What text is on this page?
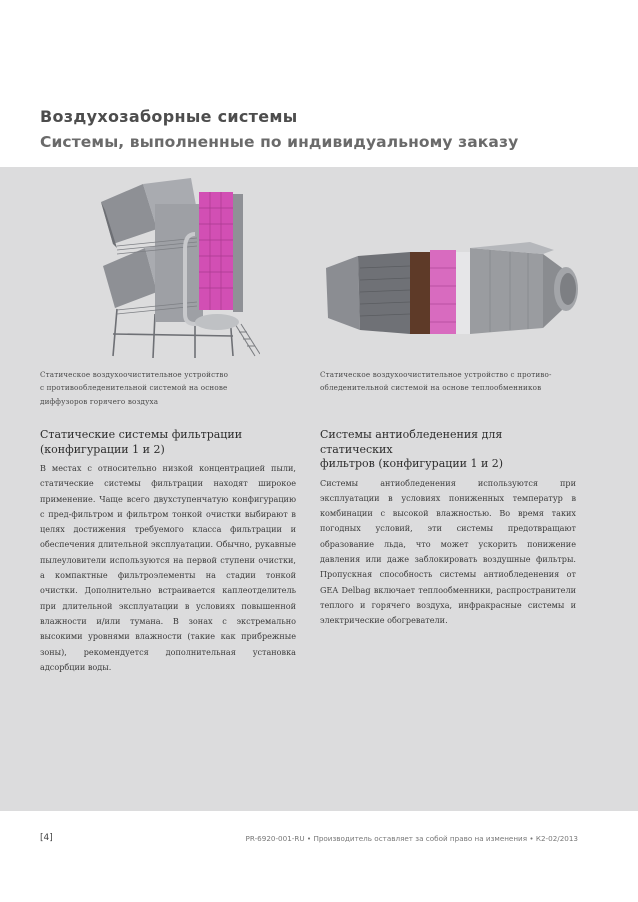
Воздухозаборные системы
Системы, выполненные по индивидуальному заказу

Статическое воздухоочистительное устройство
с противообледенительной системой на основе
диффузоров горячего воздуха

Статическое воздухоочистительное устройство с противо-
обледенительной системой на основе теплообменников

Статические системы фильтрации
(конфигурации 1 и 2)

В местах с относительно низкой концентрацией пыли, статические системы фильтрации находят широкое применение. Чаще всего двухступенчатую конфигурацию с пред-фильтром и фильтром тонкой очистки выбирают в целях достижения требуемого класса фильтрации и обеспечения длительной эксплуатации. Обычно, рукавные пылеуловители используются на первой ступени очистки, а компактные фильтроэлементы на стадии тонкой очистки. Дополнительно встраивается каплеотделитель при длительной эксплуатации в условиях повышенной влажности и/или тумана. В зонах с экстремально высокими уровнями влажности (такие как прибрежные зоны), рекомендуется дополнительная установка адсорбции воды.

Системы антиобледенения для статических
фильтров (конфигурации 1 и 2)

Системы антиобледенения используются при эксплуатации в условиях пониженных температур в комбинации с высокой влажностью. Во время таких погодных условий, эти системы предотвращают образование льда, что может ускорить понижение давления или даже заблокировать воздушные фильтры. Пропускная способность системы антиобледенения от GEA Delbag включает теплообменники, распространители теплого и горячего воздуха, инфракрасные системы и электрические обогреватели.

[4]	PR-6920-001-RU • Производитель оставляет за собой право на изменения • К2-02/2013
